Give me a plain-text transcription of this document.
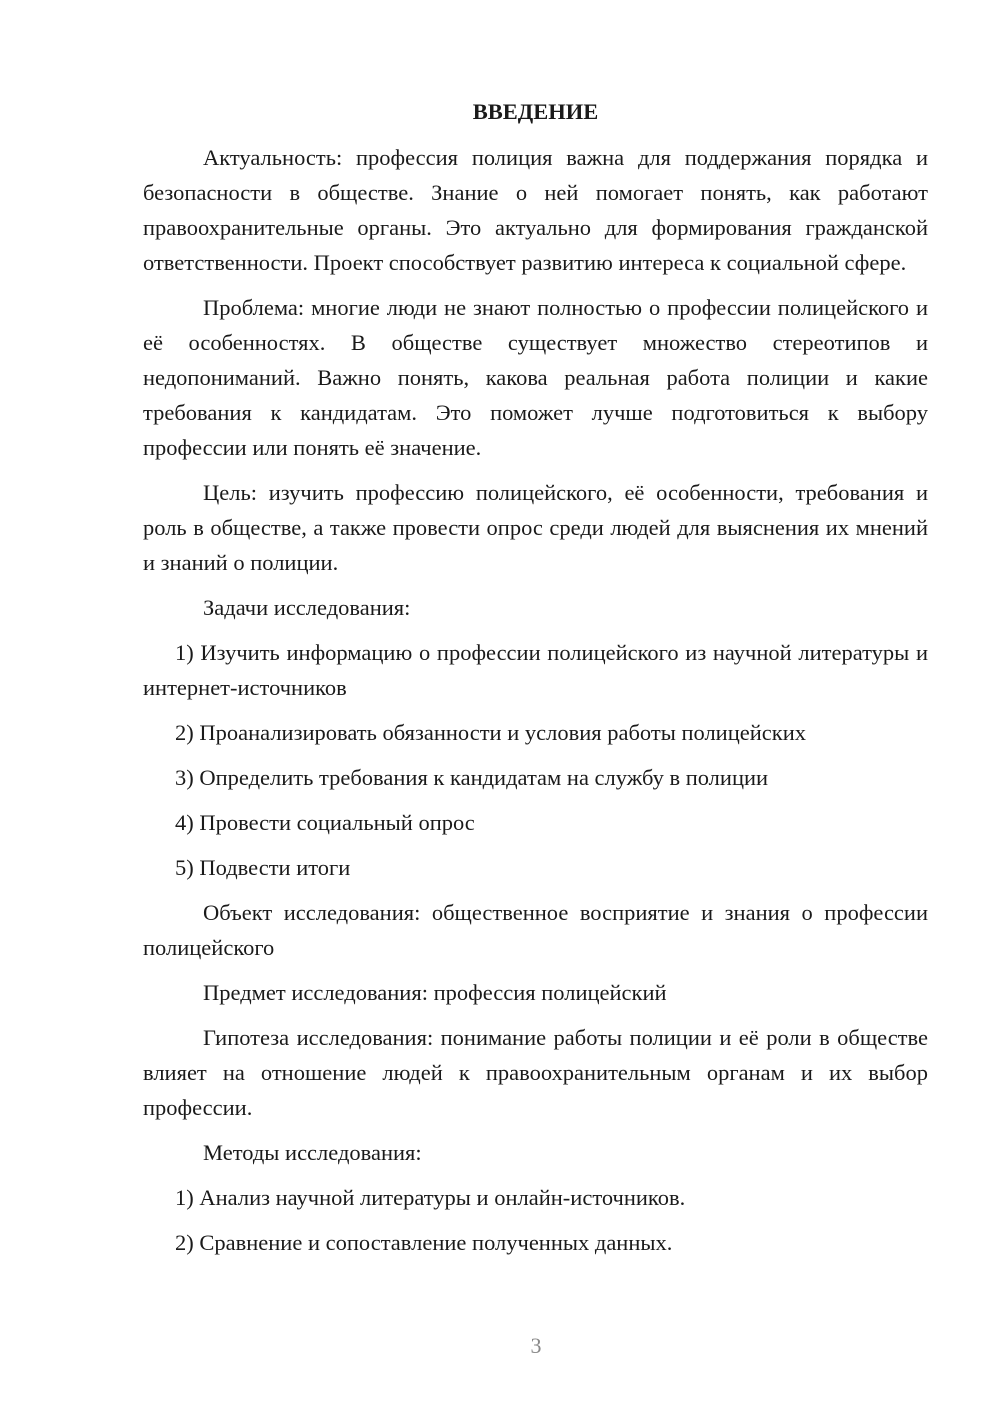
ВВЕДЕНИЕ
Актуальность: профессия полиция важна для поддержания порядка и безопасности в обществе. Знание о ней помогает понять, как работают правоохранительные органы. Это актуально для формирования гражданской ответственности. Проект способствует развитию интереса к социальной сфере.
Проблема: многие люди не знают полностью о профессии полицейского и её особенностях. В обществе существует множество стереотипов и недопониманий. Важно понять, какова реальная работа полиции и какие требования к кандидатам. Это поможет лучше подготовиться к выбору профессии или понять её значение.
Цель: изучить профессию полицейского, её особенности, требования и роль в обществе, а также провести опрос среди людей для выяснения их мнений и знаний о полиции.
Задачи исследования:
1) Изучить информацию о профессии полицейского из научной литературы и интернет-источников
2) Проанализировать обязанности и условия работы полицейских
3) Определить требования к кандидатам на службу в полиции
4) Провести социальный опрос
5) Подвести итоги
Объект исследования: общественное восприятие и знания о профессии полицейского
Предмет исследования: профессия полицейский
Гипотеза исследования: понимание работы полиции и её роли в обществе влияет на отношение людей к правоохранительным органам и их выбор профессии.
Методы исследования:
1) Анализ научной литературы и онлайн-источников.
2) Сравнение и сопоставление полученных данных.
3
